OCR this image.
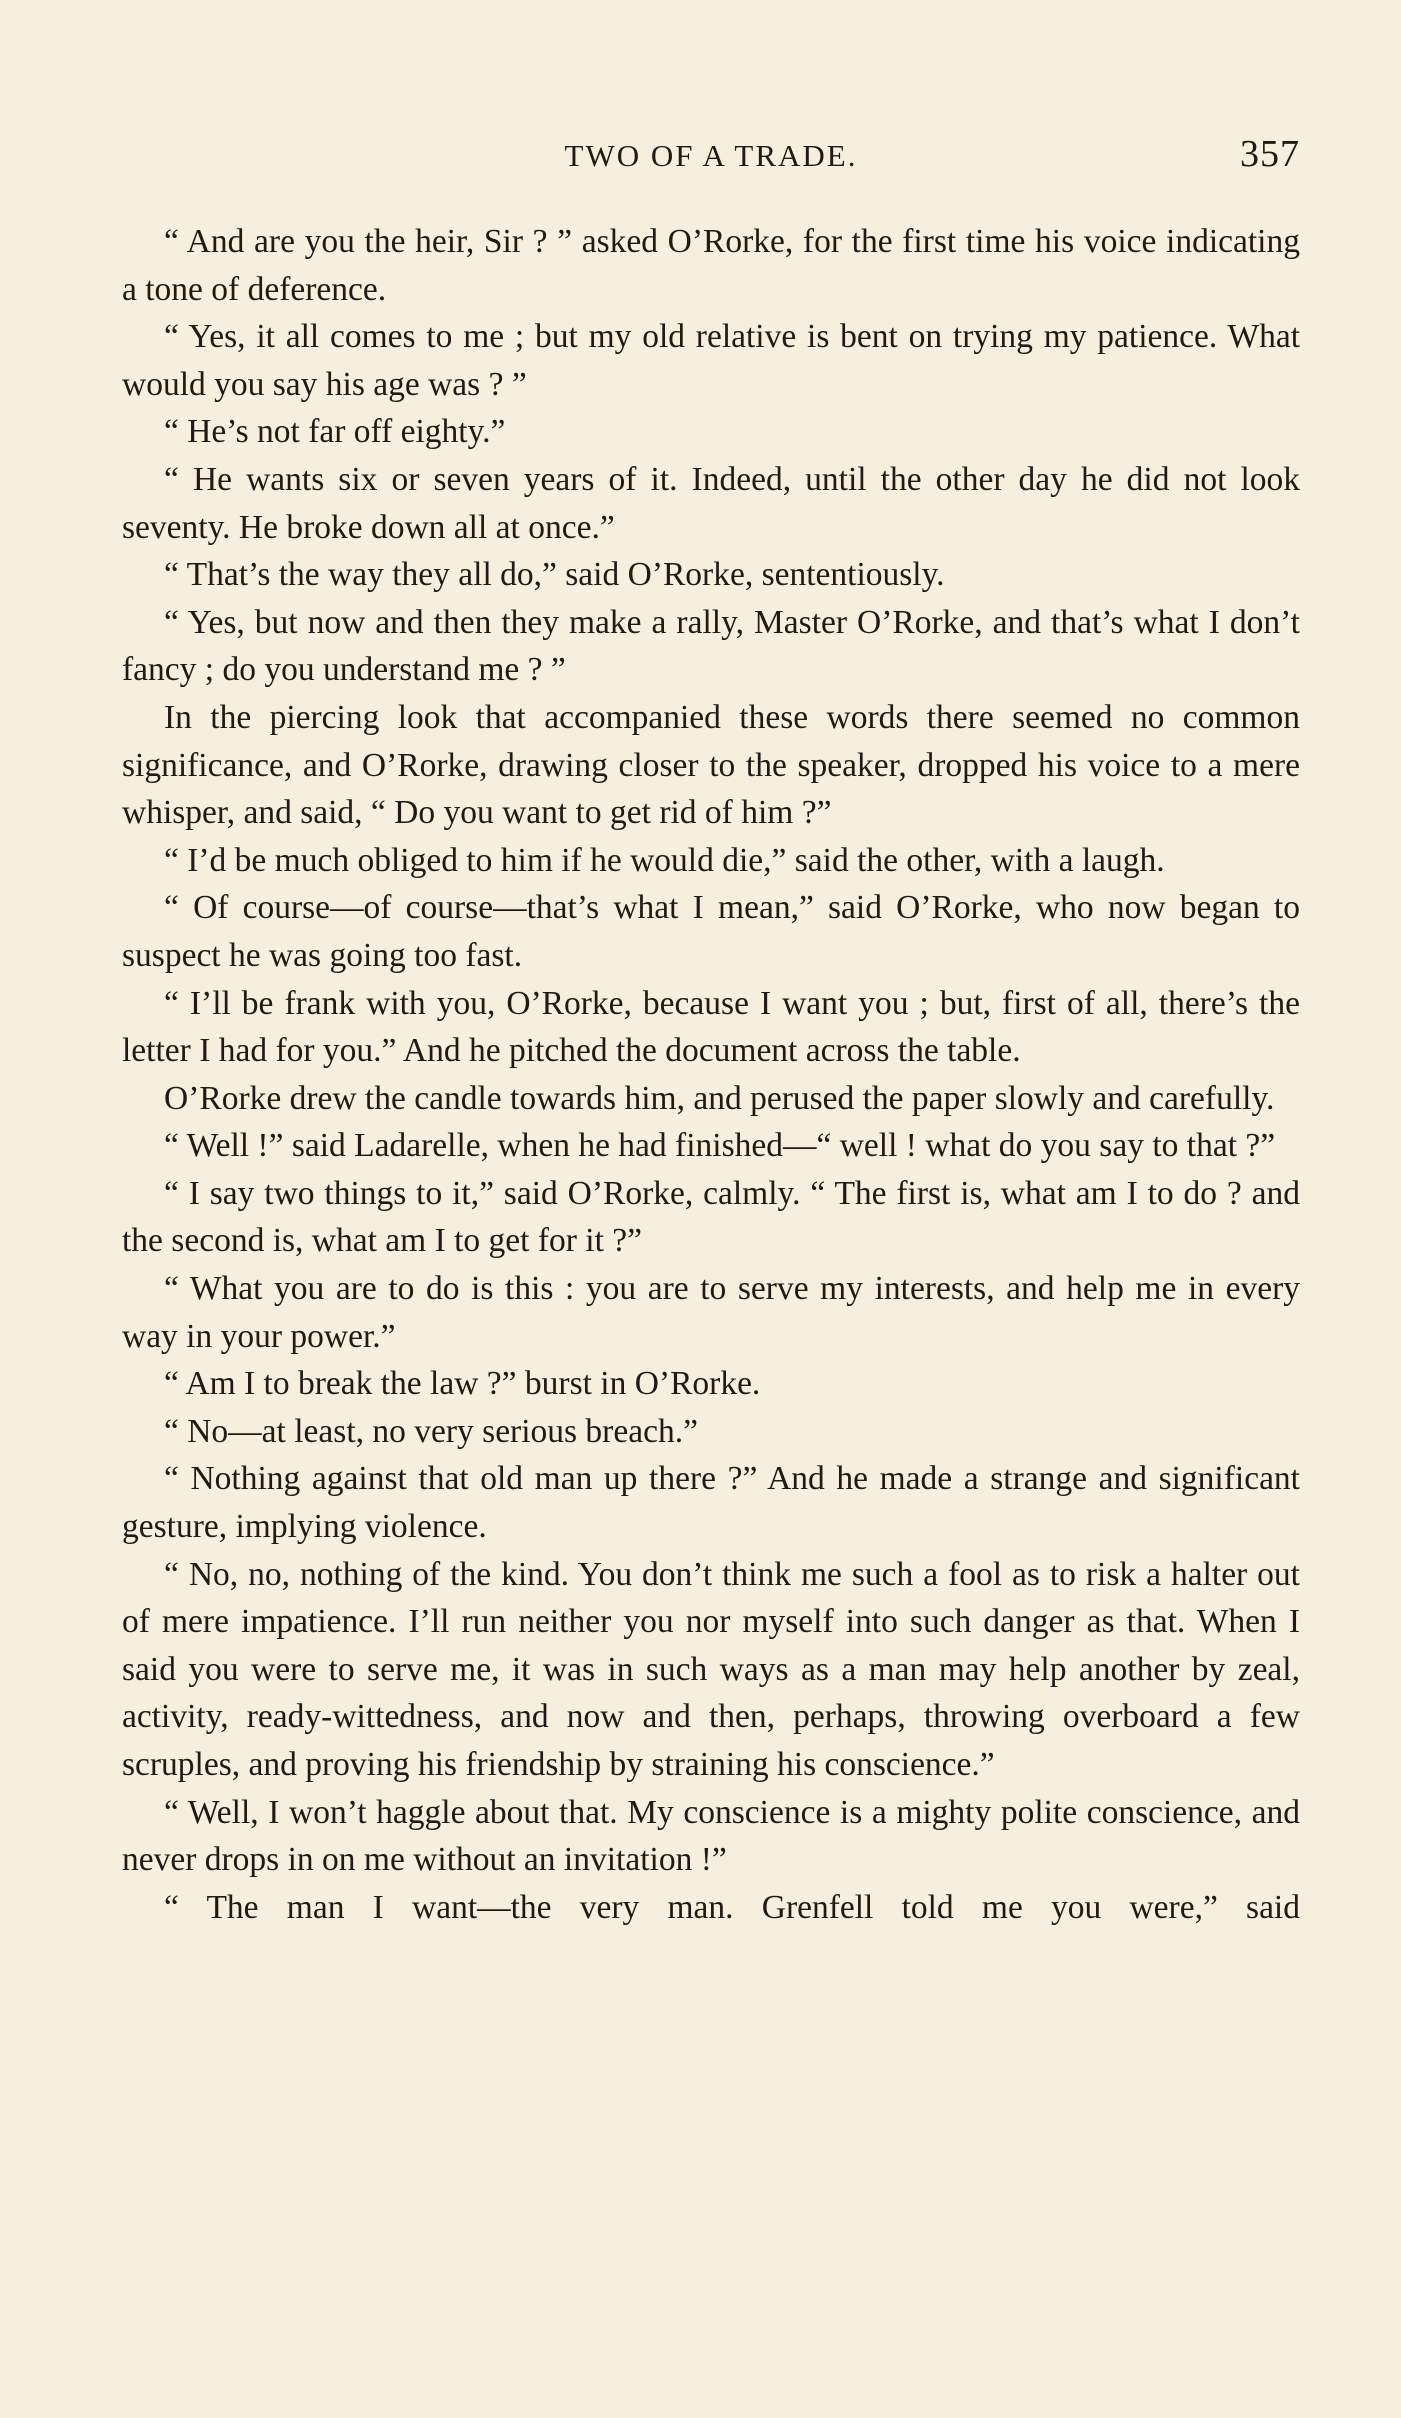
TWO OF A TRADE.	357

“ And are you the heir, Sir ? ” asked O’Rorke, for the first time his voice indicating a tone of deference.

“ Yes, it all comes to me ; but my old relative is bent on trying my patience. What would you say his age was ? ”

“ He’s not far off eighty.”

“ He wants six or seven years of it. Indeed, until the other day he did not look seventy. He broke down all at once.”

“ That’s the way they all do,” said O’Rorke, sententiously.

“ Yes, but now and then they make a rally, Master O’Rorke, and that’s what I don’t fancy ; do you understand me ? ”

In the piercing look that accompanied these words there seemed no common significance, and O’Rorke, drawing closer to the speaker, dropped his voice to a mere whisper, and said, “ Do you want to get rid of him ?”

“ I’d be much obliged to him if he would die,” said the other, with a laugh.

“ Of course—of course—that’s what I mean,” said O’Rorke, who now began to suspect he was going too fast.

“ I’ll be frank with you, O’Rorke, because I want you ; but, first of all, there’s the letter I had for you.” And he pitched the document across the table.

O’Rorke drew the candle towards him, and perused the paper slowly and carefully.

“ Well !” said Ladarelle, when he had finished—“ well ! what do you say to that ?”

“ I say two things to it,” said O’Rorke, calmly. “ The first is, what am I to do ? and the second is, what am I to get for it ?”

“ What you are to do is this : you are to serve my interests, and help me in every way in your power.”

“ Am I to break the law ?” burst in O’Rorke.

“ No—at least, no very serious breach.”

“ Nothing against that old man up there ?” And he made a strange and significant gesture, implying violence.

“ No, no, nothing of the kind. You don’t think me such a fool as to risk a halter out of mere impatience. I’ll run neither you nor myself into such danger as that. When I said you were to serve me, it was in such ways as a man may help another by zeal, activity, ready-wittedness, and now and then, perhaps, throwing overboard a few scruples, and proving his friendship by straining his conscience.”

“ Well, I won’t haggle about that. My conscience is a mighty polite conscience, and never drops in on me without an invitation !”

“ The man I want—the very man. Grenfell told me you were,” said
